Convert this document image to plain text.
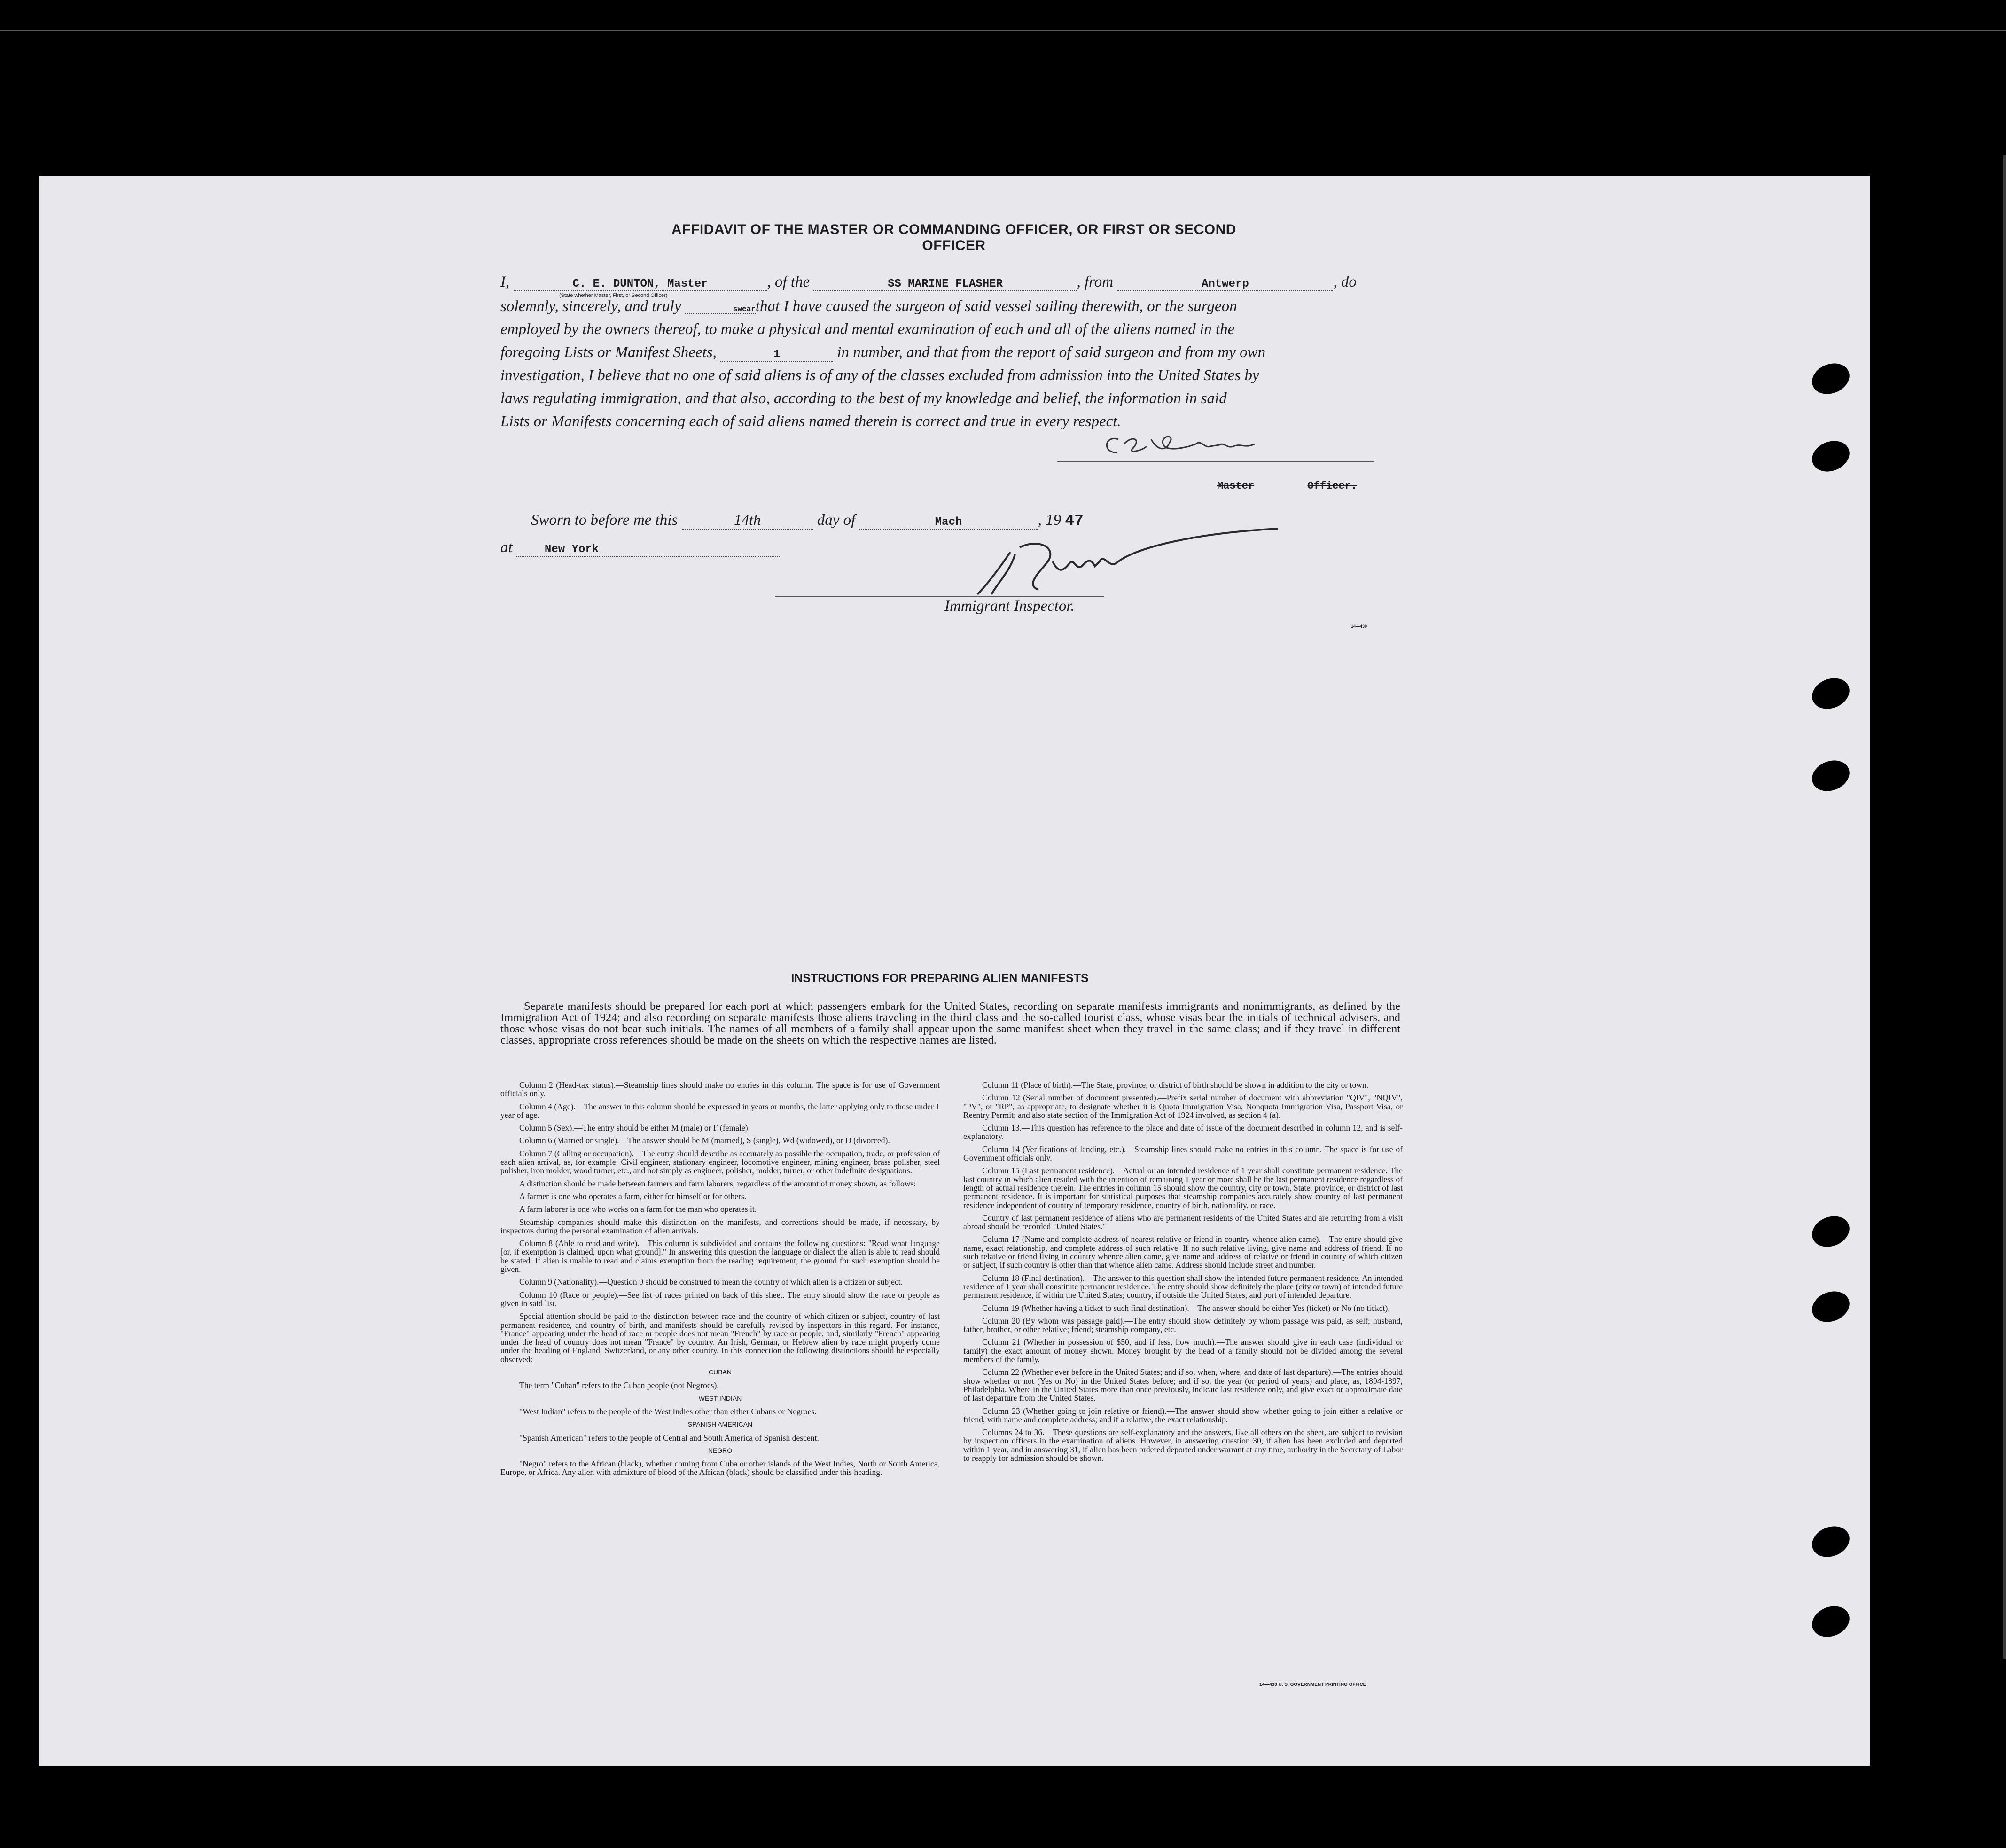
AFFIDAVIT OF THE MASTER OR COMMANDING OFFICER, OR FIRST OR SECOND OFFICER
I,	C. E. DUNTON, Master	, of the	SS MARINE FLASHER	, from	Antwerp	, do
(State whether Master, First, or Second Officer)
solemnly, sincerely, and truly	swearthat I have caused the surgeon of said vessel sailing therewith, or the surgeon
employed by the owners thereof, to make a physical and mental examination of each and all of the aliens named in the
foregoing Lists or Manifest Sheets,	1	in number, and that from the report of said surgeon and from my own
investigation, I believe that no one of said aliens is of any of the classes excluded from admission into the United States by
laws regulating immigration, and that also, according to the best of my knowledge and belief, the information in said
Lists or Manifests concerning each of said aliens named therein is correct and true in every respect.
Master	Officer.
Sworn to before me this	14th	day of	Mach	, 19 47
at	New York
Immigrant Inspector.
14—430
INSTRUCTIONS FOR PREPARING ALIEN MANIFESTS
Separate manifests should be prepared for each port at which passengers embark for the United States, recording on separate manifests immigrants and nonimmigrants, as defined by the Immigration Act of 1924; and also recording on separate manifests those aliens traveling in the third class and the so-called tourist class, whose visas bear the initials of technical advisers, and those whose visas do not bear such initials. The names of all members of a family shall appear upon the same manifest sheet when they travel in the same class; and if they travel in different classes, appropriate cross references should be made on the sheets on which the respective names are listed.

Column 2 (Head-tax status).—Steamship lines should make no entries in this column. The space is for use of Government officials only.

Column 4 (Age).—The answer in this column should be expressed in years or months, the latter applying only to those under 1 year of age.

Column 5 (Sex).—The entry should be either M (male) or F (female).

Column 6 (Married or single).—The answer should be M (married), S (single), Wd (widowed), or D (divorced).

Column 7 (Calling or occupation).—The entry should describe as accurately as possible the occupation, trade, or profession of each alien arrival, as, for example: Civil engineer, stationary engineer, locomotive engineer, mining engineer, brass polisher, steel polisher, iron molder, wood turner, etc., and not simply as engineer, polisher, molder, turner, or other indefinite designations.

A distinction should be made between farmers and farm laborers, regardless of the amount of money shown, as follows:

A farmer is one who operates a farm, either for himself or for others.

A farm laborer is one who works on a farm for the man who operates it.

Steamship companies should make this distinction on the manifests, and corrections should be made, if necessary, by inspectors during the personal examination of alien arrivals.

Column 8 (Able to read and write).—This column is subdivided and contains the following questions: "Read what language [or, if exemption is claimed, upon what ground]." In answering this question the language or dialect the alien is able to read should be stated. If alien is unable to read and claims exemption from the reading requirement, the ground for such exemption should be given.

Column 9 (Nationality).—Question 9 should be construed to mean the country of which alien is a citizen or subject.

Column 10 (Race or people).—See list of races printed on back of this sheet. The entry should show the race or people as given in said list.

Special attention should be paid to the distinction between race and the country of which citizen or subject, country of last permanent residence, and country of birth, and manifests should be carefully revised by inspectors in this regard. For instance, "France" appearing under the head of race or people does not mean "French" by race or people, and, similarly "French" appearing under the head of country does not mean "France" by country. An Irish, German, or Hebrew alien by race might properly come under the heading of England, Switzerland, or any other country. In this connection the following distinctions should be especially observed:

CUBAN

The term "Cuban" refers to the Cuban people (not Negroes).

WEST INDIAN

"West Indian" refers to the people of the West Indies other than either Cubans or Negroes.

SPANISH AMERICAN

"Spanish American" refers to the people of Central and South America of Spanish descent.

NEGRO

"Negro" refers to the African (black), whether coming from Cuba or other islands of the West Indies, North or South America, Europe, or Africa. Any alien with admixture of blood of the African (black) should be classified under this heading.

Column 11 (Place of birth).—The State, province, or district of birth should be shown in addition to the city or town.

Column 12 (Serial number of document presented).—Prefix serial number of document with abbreviation "QIV", "NQIV", "PV", or "RP", as appropriate, to designate whether it is Quota Immigration Visa, Nonquota Immigration Visa, Passport Visa, or Reentry Permit; and also state section of the Immigration Act of 1924 involved, as section 4 (a).

Column 13.—This question has reference to the place and date of issue of the document described in column 12, and is self-explanatory.

Column 14 (Verifications of landing, etc.).—Steamship lines should make no entries in this column. The space is for use of Government officials only.

Column 15 (Last permanent residence).—Actual or an intended residence of 1 year shall constitute permanent residence. The last country in which alien resided with the intention of remaining 1 year or more shall be the last permanent residence regardless of length of actual residence therein. The entries in column 15 should show the country, city or town, State, province, or district of last permanent residence. It is important for statistical purposes that steamship companies accurately show country of last permanent residence independent of country of temporary residence, country of birth, nationality, or race.

Country of last permanent residence of aliens who are permanent residents of the United States and are returning from a visit abroad should be recorded "United States."

Column 17 (Name and complete address of nearest relative or friend in country whence alien came).—The entry should give name, exact relationship, and complete address of such relative. If no such relative living, give name and address of friend. If no such relative or friend living in country whence alien came, give name and address of relative or friend in country of which citizen or subject, if such country is other than that whence alien came. Address should include street and number.

Column 18 (Final destination).—The answer to this question shall show the intended future permanent residence. An intended residence of 1 year shall constitute permanent residence. The entry should show definitely the place (city or town) of intended future permanent residence, if within the United States; country, if outside the United States, and port of intended departure.

Column 19 (Whether having a ticket to such final destination).—The answer should be either Yes (ticket) or No (no ticket).

Column 20 (By whom was passage paid).—The entry should show definitely by whom passage was paid, as self; husband, father, brother, or other relative; friend; steamship company, etc.

Column 21 (Whether in possession of $50, and if less, how much).—The answer should give in each case (individual or family) the exact amount of money shown. Money brought by the head of a family should not be divided among the several members of the family.

Column 22 (Whether ever before in the United States; and if so, when, where, and date of last departure).—The entries should show whether or not (Yes or No) in the United States before; and if so, the year (or period of years) and place, as, 1894-1897, Philadelphia. Where in the United States more than once previously, indicate last residence only, and give exact or approximate date of last departure from the United States.

Column 23 (Whether going to join relative or friend).—The answer should show whether going to join either a relative or friend, with name and complete address; and if a relative, the exact relationship.

Columns 24 to 36.—These questions are self-explanatory and the answers, like all others on the sheet, are subject to revision by inspection officers in the examination of aliens. However, in answering question 30, if alien has been excluded and deported within 1 year, and in answering 31, if alien has been ordered deported under warrant at any time, authority in the Secretary of Labor to reapply for admission should be shown.

14—430 U. S. GOVERNMENT PRINTING OFFICE
